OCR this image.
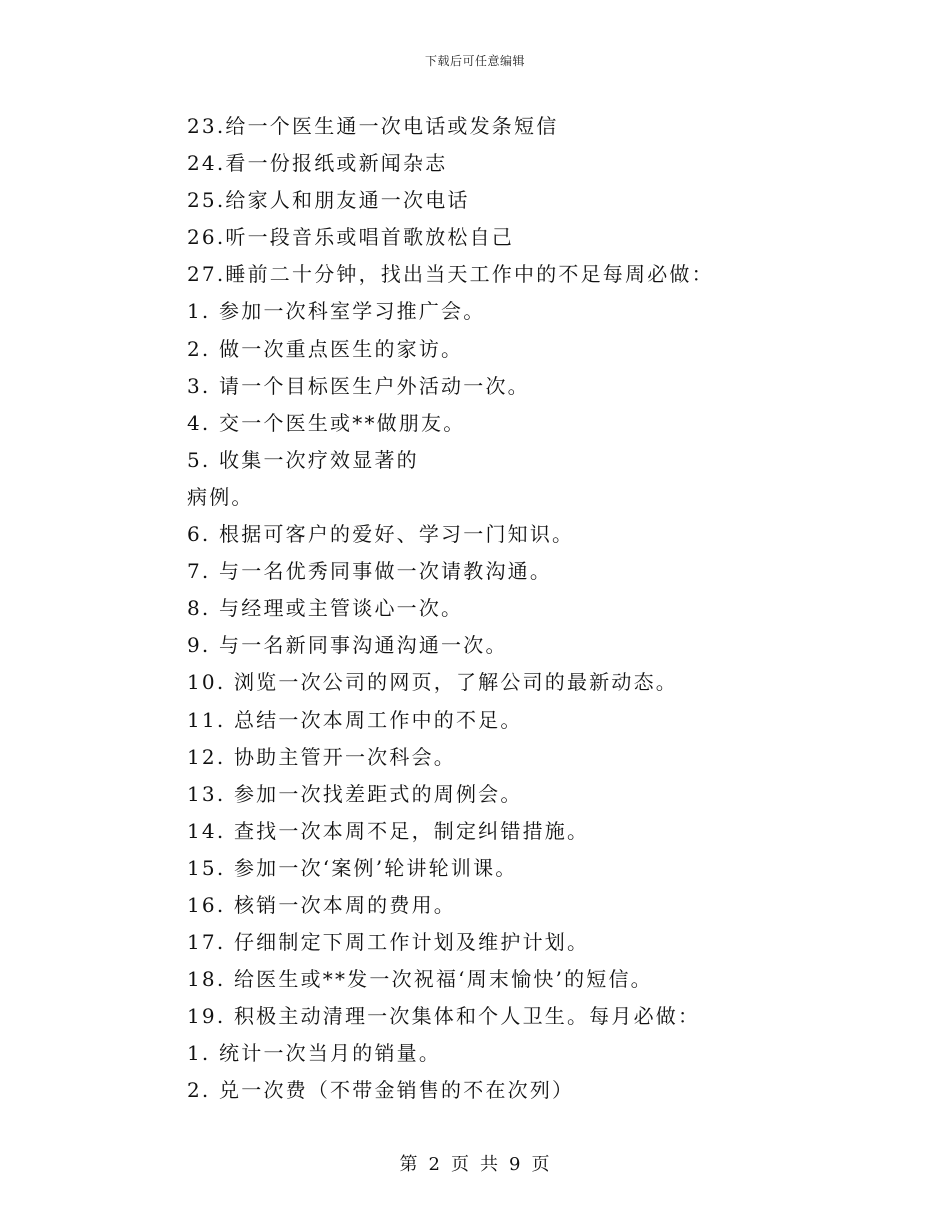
下载后可任意编辑
23.给一个医生通一次电话或发条短信
24.看一份报纸或新闻杂志
25.给家人和朋友通一次电话
26.听一段音乐或唱首歌放松自己
27.睡前二十分钟，找出当天工作中的不足每周必做：
1. 参加一次科室学习推广会。
2. 做一次重点医生的家访。
3. 请一个目标医生户外活动一次。
4. 交一个医生或**做朋友。
5. 收集一次疗效显著的
病例。
6. 根据可客户的爱好、学习一门知识。
7. 与一名优秀同事做一次请教沟通。
8. 与经理或主管谈心一次。
9. 与一名新同事沟通沟通一次。
10. 浏览一次公司的网页，了解公司的最新动态。
11. 总结一次本周工作中的不足。
12. 协助主管开一次科会。
13. 参加一次找差距式的周例会。
14. 查找一次本周不足，制定纠错措施。
15. 参加一次‘案例’轮讲轮训课。
16. 核销一次本周的费用。
17. 仔细制定下周工作计划及维护计划。
18. 给医生或**发一次祝福‘周末愉快’的短信。
19. 积极主动清理一次集体和个人卫生。每月必做：
1. 统计一次当月的销量。
2. 兑一次费（不带金销售的不在次列）
第 2 页 共 9 页
